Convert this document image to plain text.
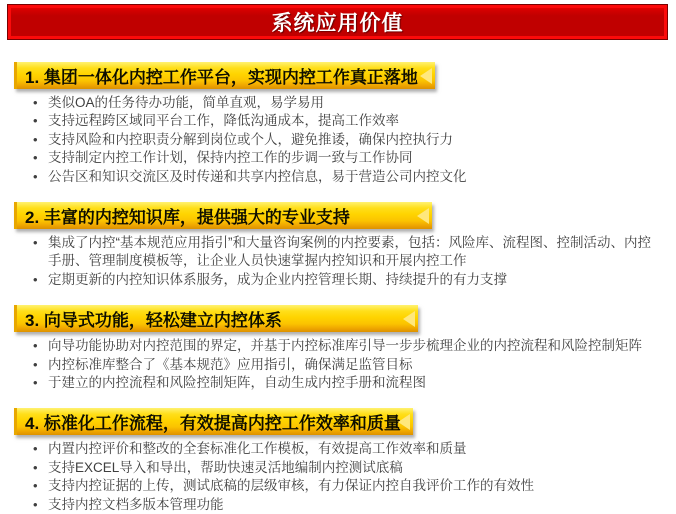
系统应用价值
1. 集团一体化内控工作平台，实现内控工作真正落地
• 类似OA的任务待办功能，简单直观，易学易用
• 支持远程跨区域同平台工作，降低沟通成本，提高工作效率
• 支持风险和内控职责分解到岗位或个人，避免推诿，确保内控执行力
• 支持制定内控工作计划，保持内控工作的步调一致与工作协同
• 公告区和知识交流区及时传递和共享内控信息，易于营造公司内控文化
2. 丰富的内控知识库，提供强大的专业支持
• 集成了内控“基本规范应用指引”和大量咨询案例的内控要素，包括：风险库、流程图、控制活动、内控手册、管理制度模板等，让企业人员快速掌握内控知识和开展内控工作
• 定期更新的内控知识体系服务，成为企业内控管理长期、持续提升的有力支撑
3. 向导式功能，轻松建立内控体系
• 向导功能协助对内控范围的界定，并基于内控标准库引导一步步梳理企业的内控流程和风险控制矩阵
• 内控标准库整合了《基本规范》应用指引，确保满足监管目标
• 于建立的内控流程和风险控制矩阵，自动生成内控手册和流程图
4. 标准化工作流程，有效提高内控工作效率和质量
• 内置内控评价和整改的全套标准化工作模板，有效提高工作效率和质量
• 支持EXCEL导入和导出，帮助快速灵活地编制内控测试底稿
• 支持内控证据的上传，测试底稿的层级审核，有力保证内控自我评价工作的有效性
• 支持内控文档多版本管理功能
